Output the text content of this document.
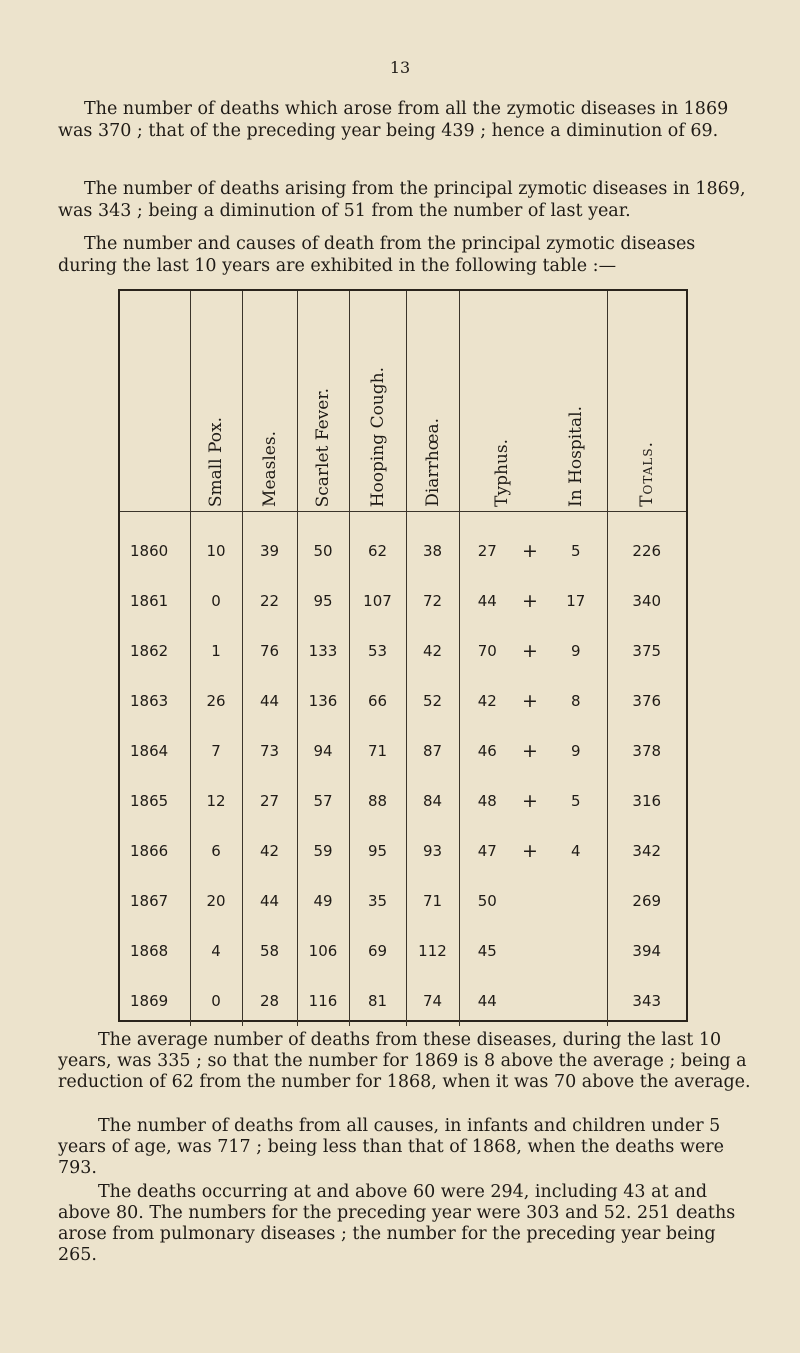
13

The number of deaths which arose from all the zymotic diseases in 1869 was 370 ; that of the preceding year being 439 ; hence a diminution of 69.

The number of deaths arising from the principal zymotic diseases in 1869, was 343 ; being a diminution of 51 from the number of last year.

The number and causes of death from the principal zymotic diseases during the last 10 years are exhibited in the following table :—

	Small Pox.	Measles.	Scarlet Fever.	Hooping Cough.	Diarrhœa.	Typhus.		In Hospital.	Totals.
1860	10	39	50	62	38	27	+	5	226
1861	0	22	95	107	72	44	+	17	340
1862	1	76	133	53	42	70	+	9	375
1863	26	44	136	66	52	42	+	8	376
1864	7	73	94	71	87	46	+	9	378
1865	12	27	57	88	84	48	+	5	316
1866	6	42	59	95	93	47	+	4	342
1867	20	44	49	35	71	50			269
1868	4	58	106	69	112	45			394
1869	0	28	116	81	74	44			343

The average number of deaths from these diseases, during the last 10 years, was 335 ; so that the number for 1869 is 8 above the average ; being a reduction of 62 from the number for 1868, when it was 70 above the average.

The number of deaths from all causes, in infants and children under 5 years of age, was 717 ; being less than that of 1868, when the deaths were 793.

The deaths occurring at and above 60 were 294, including 43 at and above 80. The numbers for the preceding year were 303 and 52. 251 deaths arose from pulmonary diseases ; the number for the preceding year being 265.
